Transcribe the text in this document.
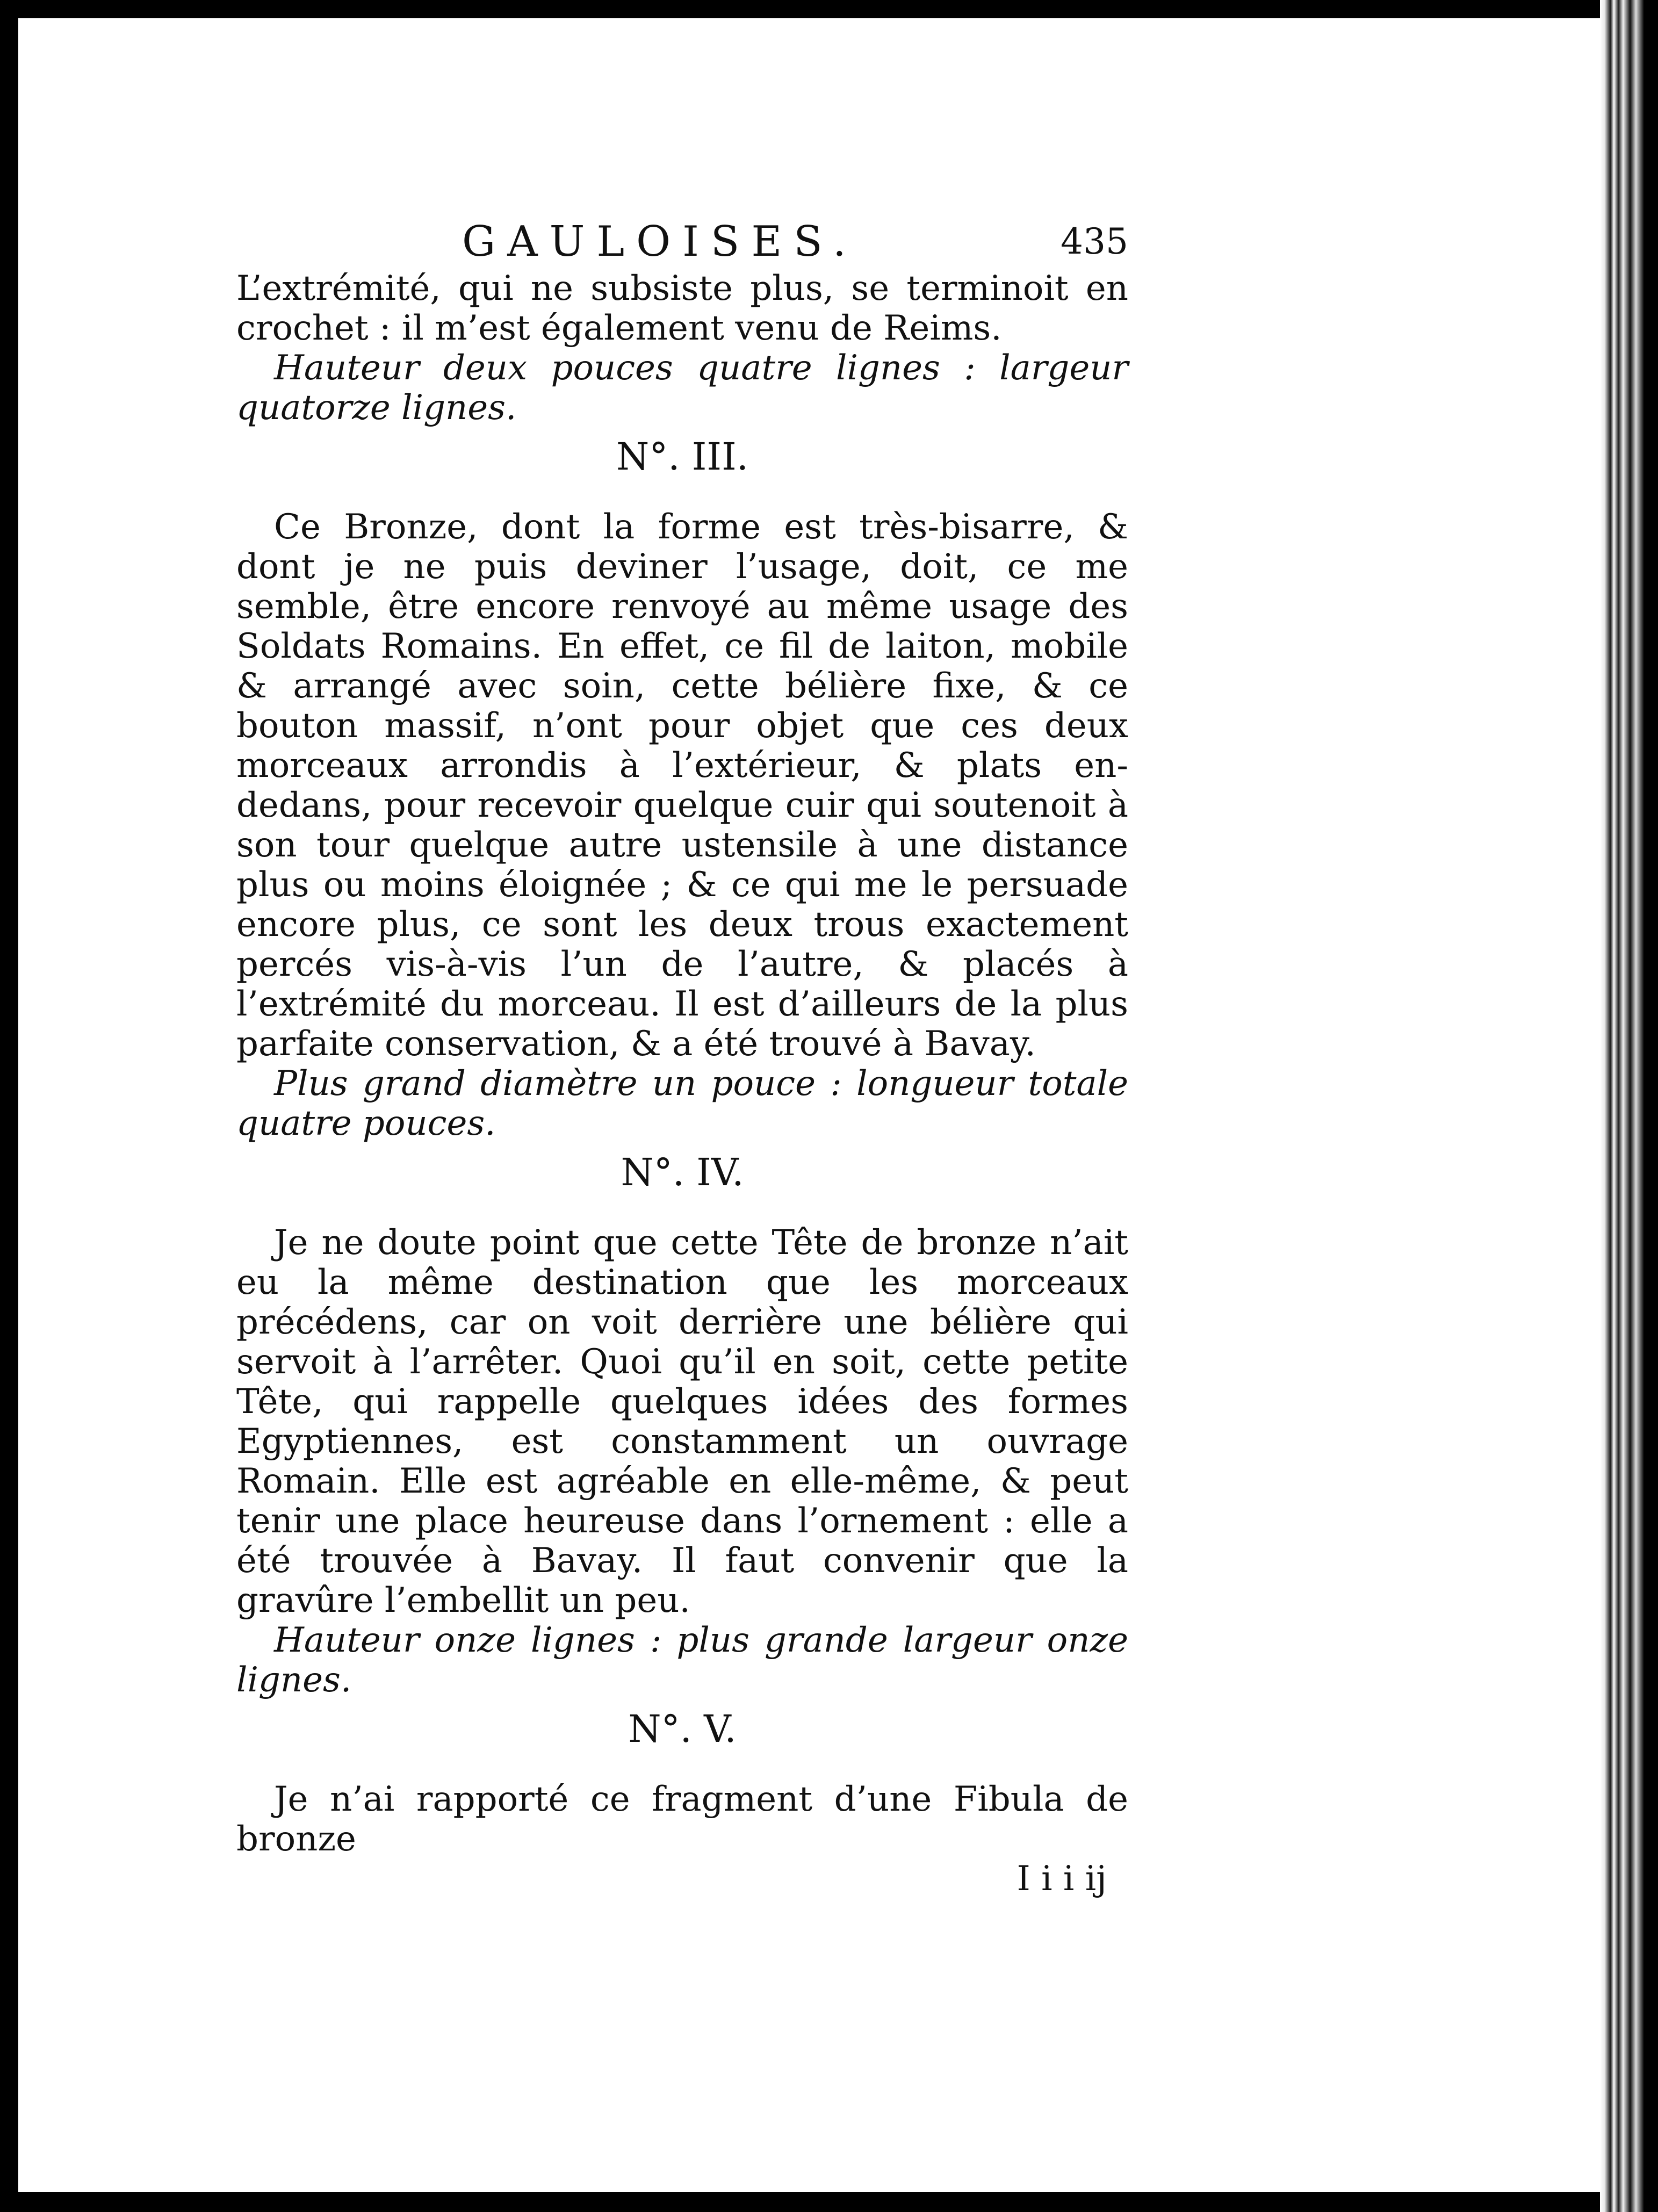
GAULOISES.	435

L’extrémité, qui ne subsiste plus, se terminoit en crochet : il m’est également venu de Reims.

Hauteur deux pouces quatre lignes : largeur quatorze lignes.

N°. III.

Ce Bronze, dont la forme est très-bisarre, & dont je ne puis deviner l’usage, doit, ce me semble, être encore renvoyé au même usage des Soldats Romains. En effet, ce fil de laiton, mobile & arrangé avec soin, cette bélière fixe, & ce bouton massif, n’ont pour objet que ces deux morceaux arrondis à l’extérieur, & plats en-dedans, pour recevoir quelque cuir qui soutenoit à son tour quelque autre ustensile à une distance plus ou moins éloignée ; & ce qui me le persuade encore plus, ce sont les deux trous exactement percés vis-à-vis l’un de l’autre, & placés à l’extrémité du morceau. Il est d’ailleurs de la plus parfaite conservation, & a été trouvé à Bavay.

Plus grand diamètre un pouce : longueur totale quatre pouces.

N°. IV.

Je ne doute point que cette Tête de bronze n’ait eu la même destination que les morceaux précédens, car on voit derrière une bélière qui servoit à l’arrêter. Quoi qu’il en soit, cette petite Tête, qui rappelle quelques idées des formes Egyptiennes, est constamment un ouvrage Romain. Elle est agréable en elle-même, & peut tenir une place heureuse dans l’ornement : elle a été trouvée à Bavay. Il faut convenir que la gravûre l’embellit un peu.

Hauteur onze lignes : plus grande largeur onze lignes.

N°. V.

Je n’ai rapporté ce fragment d’une Fibula de bronze

I i i ij
